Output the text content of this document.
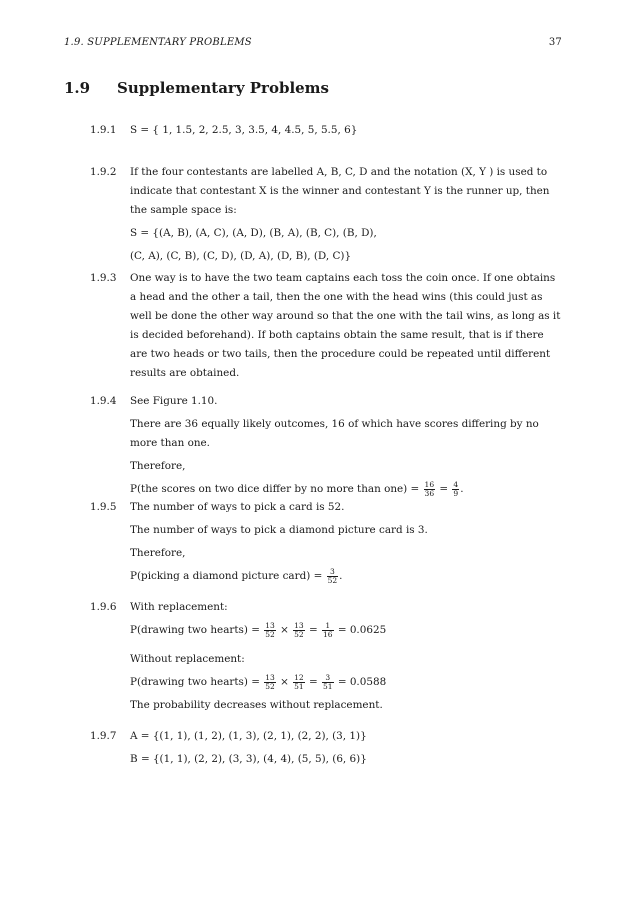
1.9. SUPPLEMENTARY PROBLEMS	37
1.9 Supplementary Problems
1.9.1 S = { 1, 1.5, 2, 2.5, 3, 3.5, 4, 4.5, 5, 5.5, 6}

1.9.2 If the four contestants are labelled A, B, C, D and the notation (X, Y ) is used to indicate that contestant X is the winner and contestant Y is the runner up, then the sample space is:

S = {(A, B), (A, C), (A, D), (B, A), (B, C), (B, D),

(C, A), (C, B), (C, D), (D, A), (D, B), (D, C)}

1.9.3 One way is to have the two team captains each toss the coin once. If one obtains a head and the other a tail, then the one with the head wins (this could just as well be done the other way around so that the one with the tail wins, as long as it is decided beforehand). If both captains obtain the same result, that is if there are two heads or two tails, then the procedure could be repeated until different results are obtained.

1.9.4 See Figure 1.10.

There are 36 equally likely outcomes, 16 of which have scores differing by no more than one.

Therefore,

P(the scores on two dice differ by no more than $one) = \frac{16}{36} = \frac{4}{9}$ .

1.9.5 The number of ways to pick a card is 52.

The number of ways to pick a diamond picture card is 3.

Therefore,

P(picking a diamond picture card) = $\frac{3}{52}$ .

1.9.6 With replacement:

P(drawing two hearts) = $\frac{13}{52} \times \frac{13}{52} = \frac{1}{16} = 0.0625$

Without replacement:

P(drawing two hearts) = $\frac{13}{52} \times \frac{12}{51} = \frac{3}{51} = 0.0588$

The probability decreases without replacement.

1.9.7 A = {(1, 1), (1, 2), (1, 3), (2, 1), (2, 2), (3, 1)}

B = {(1, 1), (2, 2), (3, 3), (4, 4), (5, 5), (6, 6)}
